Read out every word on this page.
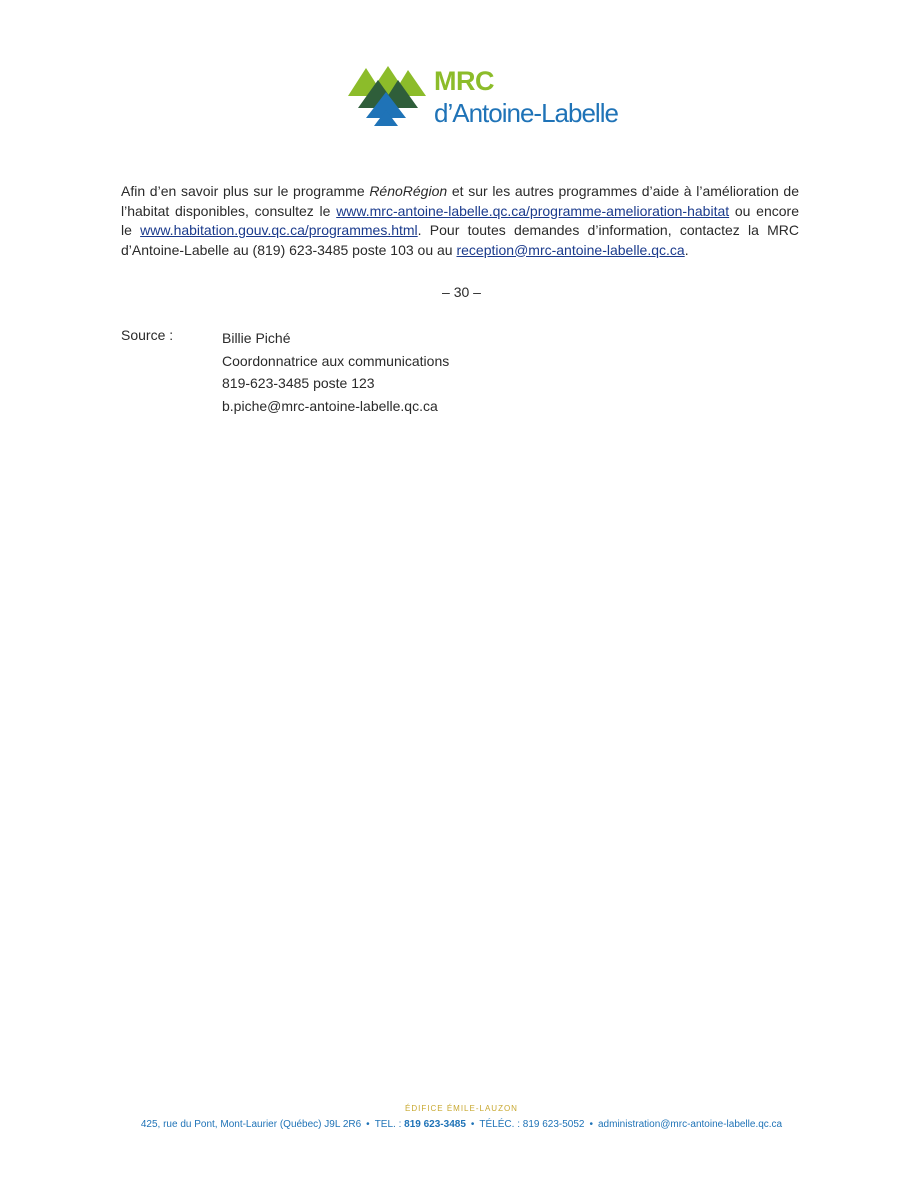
MRC
d’Antoine-Labelle
Afin d’en savoir plus sur le programme RénoRégion et sur les autres programmes d’aide à l’amélioration de l’habitat disponibles, consultez le www.mrc-antoine-labelle.qc.ca/programme-amelioration-habitat ou encore le www.habitation.gouv.qc.ca/programmes.html. Pour toutes demandes d’information, contactez la MRC d’Antoine-Labelle au (819) 623-3485 poste 103 ou au reception@mrc-antoine-labelle.qc.ca.
– 30 –
Source :	Billie Piché
Coordonnatrice aux communications
819-623-3485 poste 123
b.piche@mrc-antoine-labelle.qc.ca
ÉDIFICE ÉMILE-LAUZON
425, rue du Pont, Mont-Laurier (Québec) J9L 2R6 • TEL. : 819 623-3485 • TÉLÉC. : 819 623-5052 • administration@mrc-antoine-labelle.qc.ca
